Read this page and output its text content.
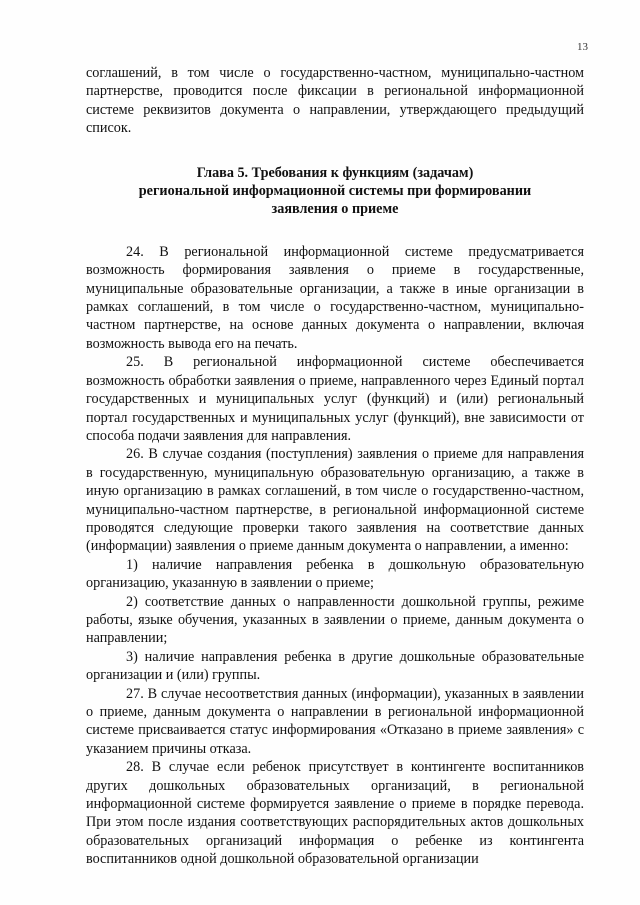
13

соглашений, в том числе о государственно-частном, муниципально-частном партнерстве, проводится после фиксации в региональной информационной системе реквизитов документа о направлении, утверждающего предыдущий список.

Глава 5. Требования к функциям (задачам)
региональной информационной системы при формировании
заявления о приеме

24. В региональной информационной системе предусматривается возможность формирования заявления о приеме в государственные, муниципальные образовательные организации, а также в иные организации в рамках соглашений, в том числе о государственно-частном, муниципально-частном партнерстве, на основе данных документа о направлении, включая возможность вывода его на печать.

25. В региональной информационной системе обеспечивается возможность обработки заявления о приеме, направленного через Единый портал государственных и муниципальных услуг (функций) и (или) региональный портал государственных и муниципальных услуг (функций), вне зависимости от способа подачи заявления для направления.

26. В случае создания (поступления) заявления о приеме для направления в государственную, муниципальную образовательную организацию, а также в иную организацию в рамках соглашений, в том числе о государственно-частном, муниципально-частном партнерстве, в региональной информационной системе проводятся следующие проверки такого заявления на соответствие данных (информации) заявления о приеме данным документа о направлении, а именно:

1) наличие направления ребенка в дошкольную образовательную организацию, указанную в заявлении о приеме;

2) соответствие данных о направленности дошкольной группы, режиме работы, языке обучения, указанных в заявлении о приеме, данным документа о направлении;

3) наличие направления ребенка в другие дошкольные образовательные организации и (или) группы.

27. В случае несоответствия данных (информации), указанных в заявлении о приеме, данным документа о направлении в региональной информационной системе присваивается статус информирования «Отказано в приеме заявления» с указанием причины отказа.

28. В случае если ребенок присутствует в контингенте воспитанников других дошкольных образовательных организаций, в региональной информационной системе формируется заявление о приеме в порядке перевода. При этом после издания соответствующих распорядительных актов дошкольных образовательных организаций информация о ребенке из контингента воспитанников одной дошкольной образовательной организации
